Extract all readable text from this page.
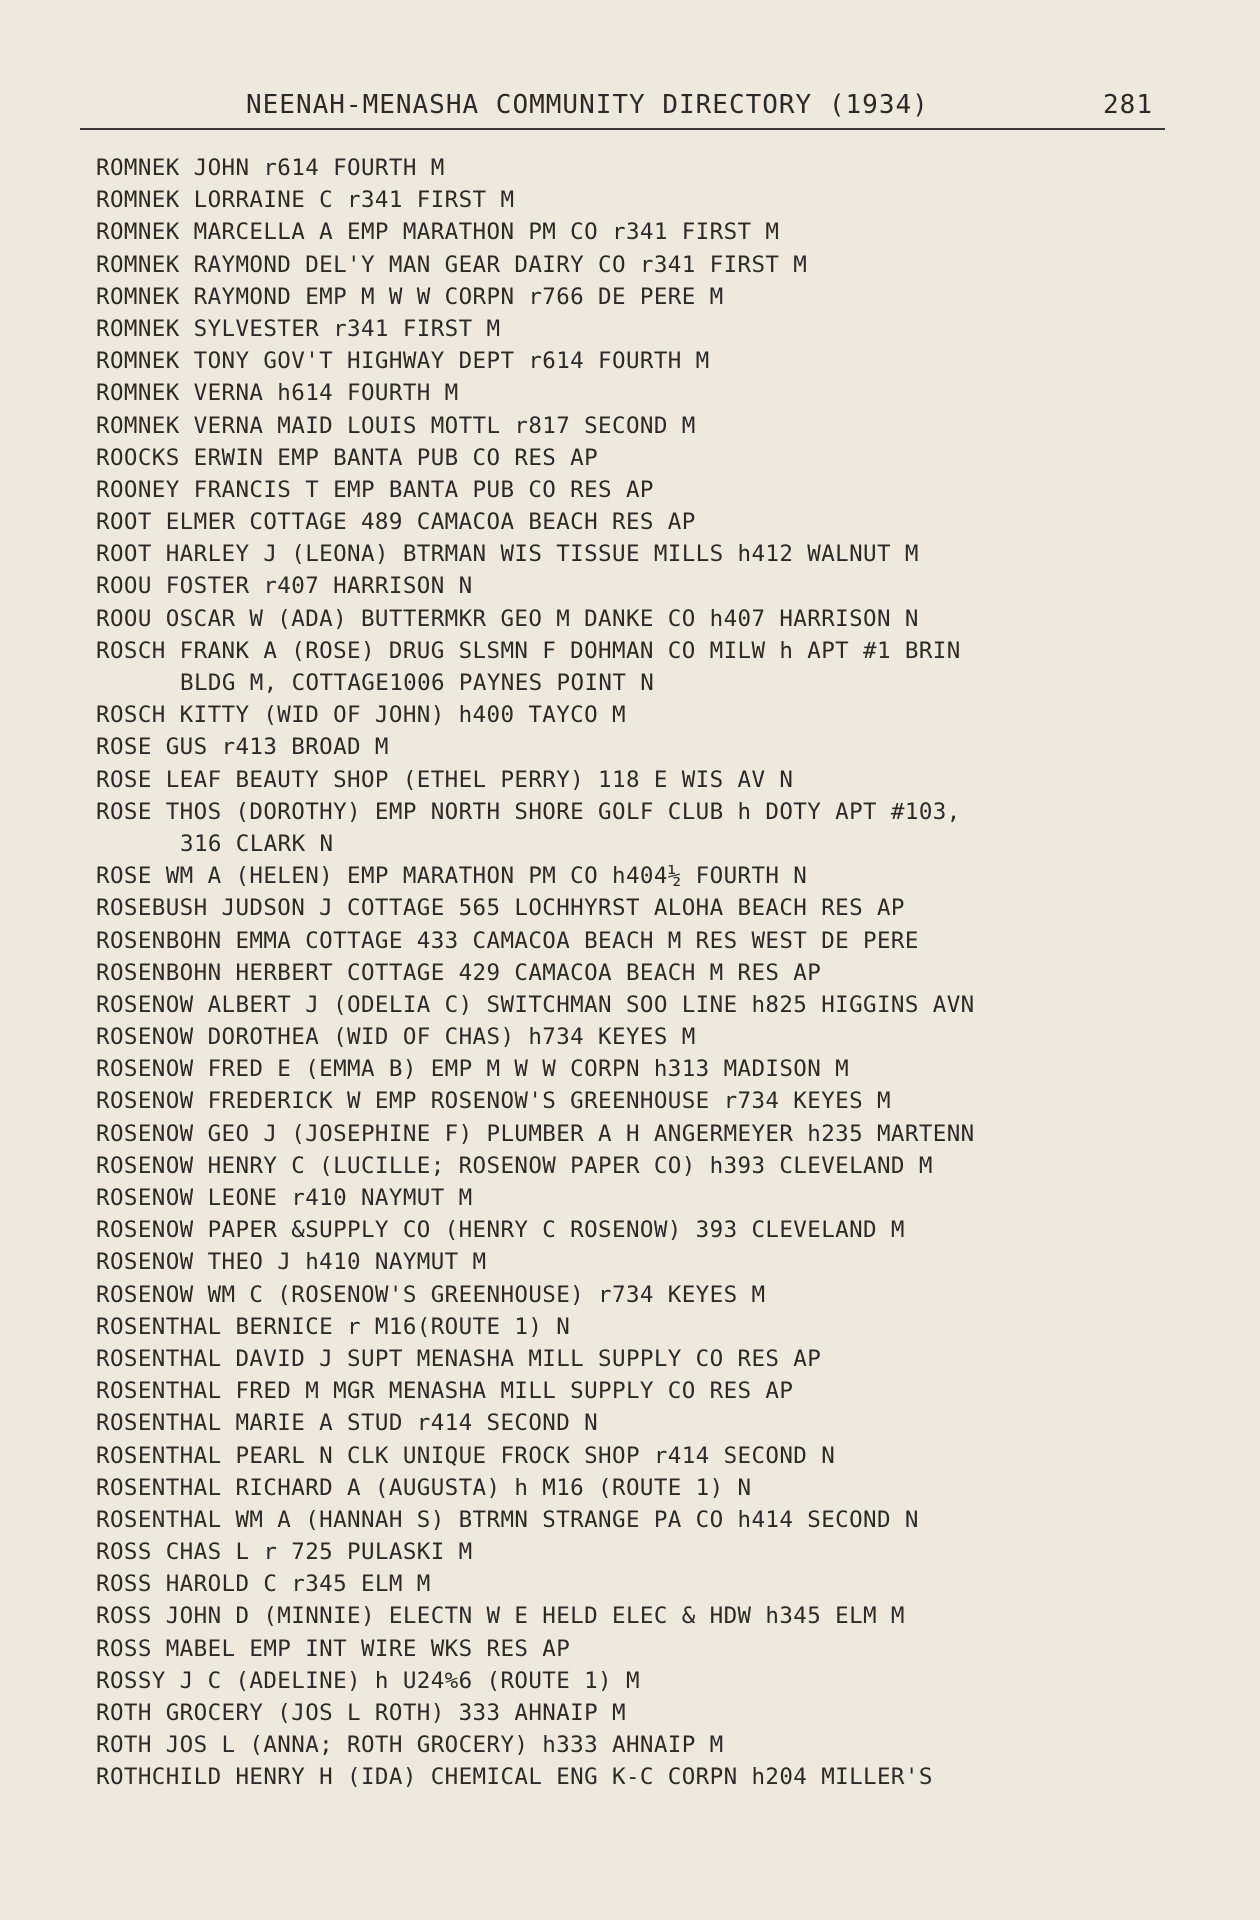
NEENAH-MENASHA COMMUNITY DIRECTORY (1934)	281
ROMNEK JOHN r614 FOURTH M
ROMNEK LORRAINE C r341 FIRST M
ROMNEK MARCELLA A EMP MARATHON PM CO r341 FIRST M
ROMNEK RAYMOND DEL'Y MAN GEAR DAIRY CO r341 FIRST M
ROMNEK RAYMOND EMP M W W CORPN r766 DE PERE M
ROMNEK SYLVESTER r341 FIRST M
ROMNEK TONY GOV'T HIGHWAY DEPT r614 FOURTH M
ROMNEK VERNA h614 FOURTH M
ROMNEK VERNA MAID LOUIS MOTTL r817 SECOND M
ROOCKS ERWIN EMP BANTA PUB CO RES AP
ROONEY FRANCIS T EMP BANTA PUB CO RES AP
ROOT ELMER COTTAGE 489 CAMACOA BEACH RES AP
ROOT HARLEY J (LEONA) BTRMAN WIS TISSUE MILLS h412 WALNUT M
ROOU FOSTER r407 HARRISON N
ROOU OSCAR W (ADA) BUTTERMKR GEO M DANKE CO h407 HARRISON N
ROSCH FRANK A (ROSE) DRUG SLSMN F DOHMAN CO MILW h APT #1 BRIN
BLDG M, COTTAGE1006 PAYNES POINT N
ROSCH KITTY (WID OF JOHN) h400 TAYCO M
ROSE GUS r413 BROAD M
ROSE LEAF BEAUTY SHOP (ETHEL PERRY) 118 E WIS AV N
ROSE THOS (DOROTHY) EMP NORTH SHORE GOLF CLUB h DOTY APT #103,
316 CLARK N
ROSE WM A (HELEN) EMP MARATHON PM CO h404½ FOURTH N
ROSEBUSH JUDSON J COTTAGE 565 LOCHHYRST ALOHA BEACH RES AP
ROSENBOHN EMMA COTTAGE 433 CAMACOA BEACH M RES WEST DE PERE
ROSENBOHN HERBERT COTTAGE 429 CAMACOA BEACH M RES AP
ROSENOW ALBERT J (ODELIA C) SWITCHMAN SOO LINE h825 HIGGINS AVN
ROSENOW DOROTHEA (WID OF CHAS) h734 KEYES M
ROSENOW FRED E (EMMA B) EMP M W W CORPN h313 MADISON M
ROSENOW FREDERICK W EMP ROSENOW'S GREENHOUSE r734 KEYES M
ROSENOW GEO J (JOSEPHINE F) PLUMBER A H ANGERMEYER h235 MARTENN
ROSENOW HENRY C (LUCILLE; ROSENOW PAPER CO) h393 CLEVELAND M
ROSENOW LEONE r410 NAYMUT M
ROSENOW PAPER &SUPPLY CO (HENRY C ROSENOW) 393 CLEVELAND M
ROSENOW THEO J h410 NAYMUT M
ROSENOW WM C (ROSENOW'S GREENHOUSE) r734 KEYES M
ROSENTHAL BERNICE r M16(ROUTE 1) N
ROSENTHAL DAVID J SUPT MENASHA MILL SUPPLY CO RES AP
ROSENTHAL FRED M MGR MENASHA MILL SUPPLY CO RES AP
ROSENTHAL MARIE A STUD r414 SECOND N
ROSENTHAL PEARL N CLK UNIQUE FROCK SHOP r414 SECOND N
ROSENTHAL RICHARD A (AUGUSTA) h M16 (ROUTE 1) N
ROSENTHAL WM A (HANNAH S) BTRMN STRANGE PA CO h414 SECOND N
ROSS CHAS L r 725 PULASKI M
ROSS HAROLD C r345 ELM M
ROSS JOHN D (MINNIE) ELECTN W E HELD ELEC & HDW h345 ELM M
ROSS MABEL EMP INT WIRE WKS RES AP
ROSSY J C (ADELINE) h U24%6 (ROUTE 1) M
ROTH GROCERY (JOS L ROTH) 333 AHNAIP M
ROTH JOS L (ANNA; ROTH GROCERY) h333 AHNAIP M
ROTHCHILD HENRY H (IDA) CHEMICAL ENG K-C CORPN h204 MILLER'S
